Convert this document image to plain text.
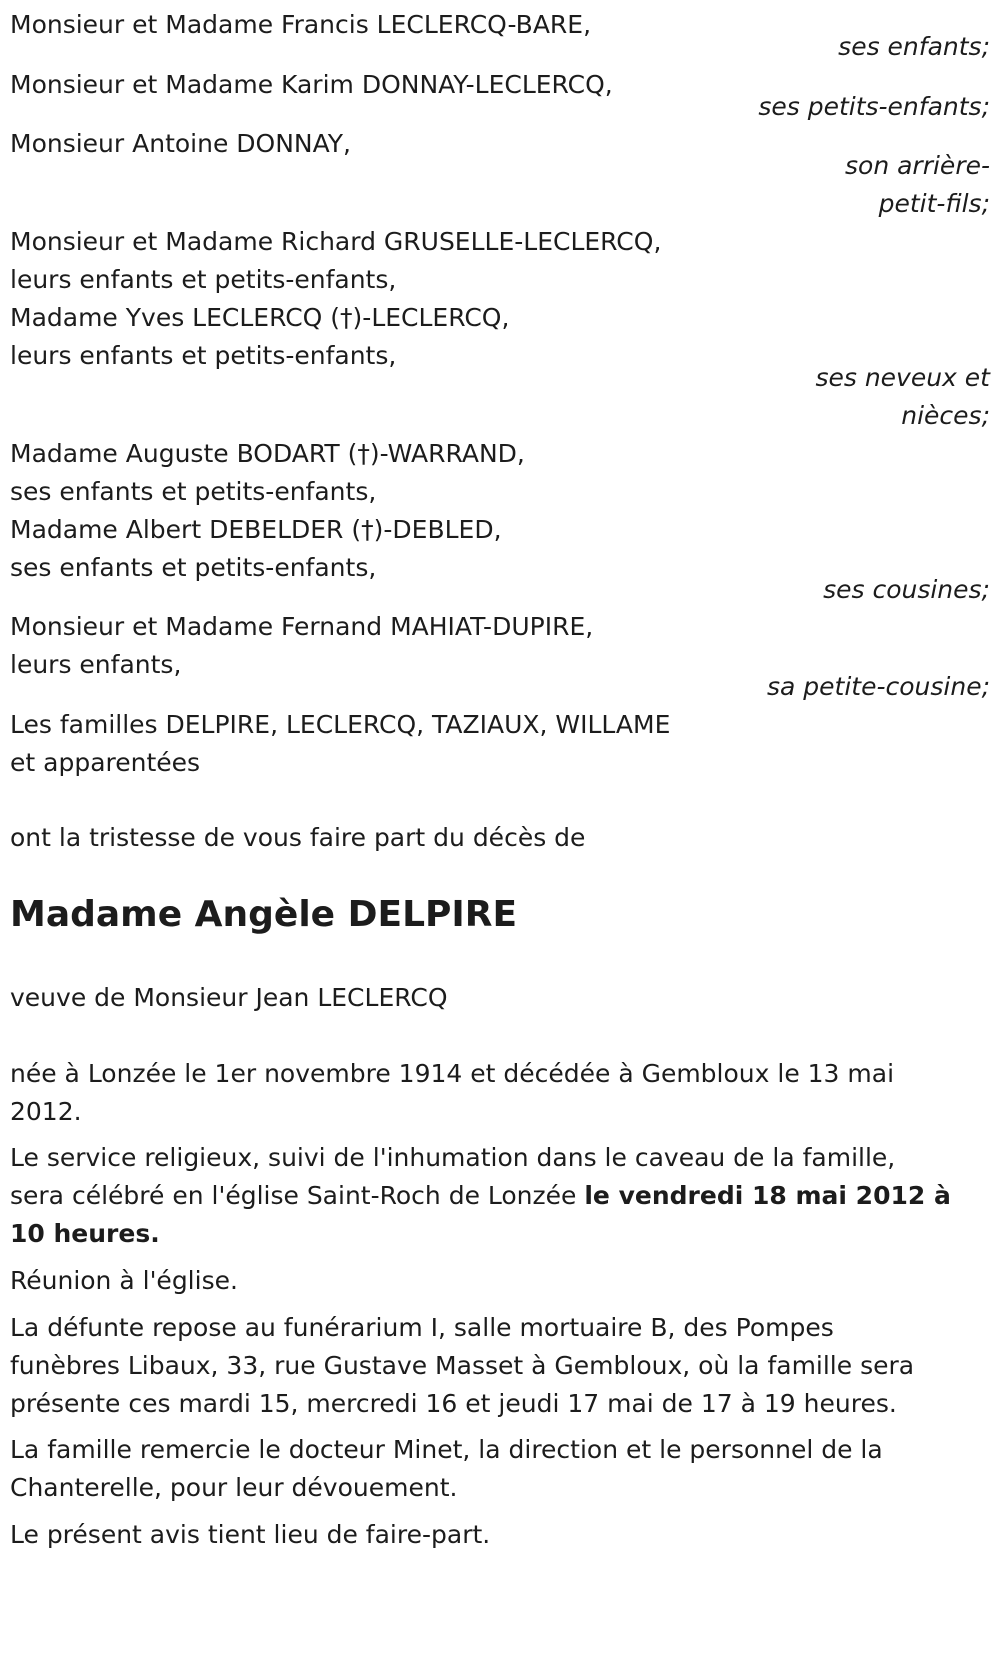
Monsieur et Madame Francis LECLERCQ-BARE,
ses enfants;
Monsieur et Madame Karim DONNAY-LECLERCQ,
ses petits-enfants;
Monsieur Antoine DONNAY,
son arrière-
petit-fils;
Monsieur et Madame Richard GRUSELLE-LECLERCQ,
leurs enfants et petits-enfants,
Madame Yves LECLERCQ (†)-LECLERCQ,
leurs enfants et petits-enfants,
ses neveux et
nièces;
Madame Auguste BODART (†)-WARRAND,
ses enfants et petits-enfants,
Madame Albert DEBELDER (†)-DEBLED,
ses enfants et petits-enfants,
ses cousines;
Monsieur et Madame Fernand MAHIAT-DUPIRE,
leurs enfants,
sa petite-cousine;
Les familles DELPIRE, LECLERCQ, TAZIAUX, WILLAME
et apparentées
ont la tristesse de vous faire part du décès de
Madame Angèle DELPIRE
veuve de Monsieur Jean LECLERCQ
née à Lonzée le 1er novembre 1914 et décédée à Gembloux le 13 mai
2012.
Le service religieux, suivi de l'inhumation dans le caveau de la famille,
sera célébré en l'église Saint-Roch de Lonzée le vendredi 18 mai 2012 à
10 heures.
Réunion à l'église.
La défunte repose au funérarium I, salle mortuaire B, des Pompes
funèbres Libaux, 33, rue Gustave Masset à Gembloux, où la famille sera
présente ces mardi 15, mercredi 16 et jeudi 17 mai de 17 à 19 heures.
La famille remercie le docteur Minet, la direction et le personnel de la
Chanterelle, pour leur dévouement.
Le présent avis tient lieu de faire-part.
